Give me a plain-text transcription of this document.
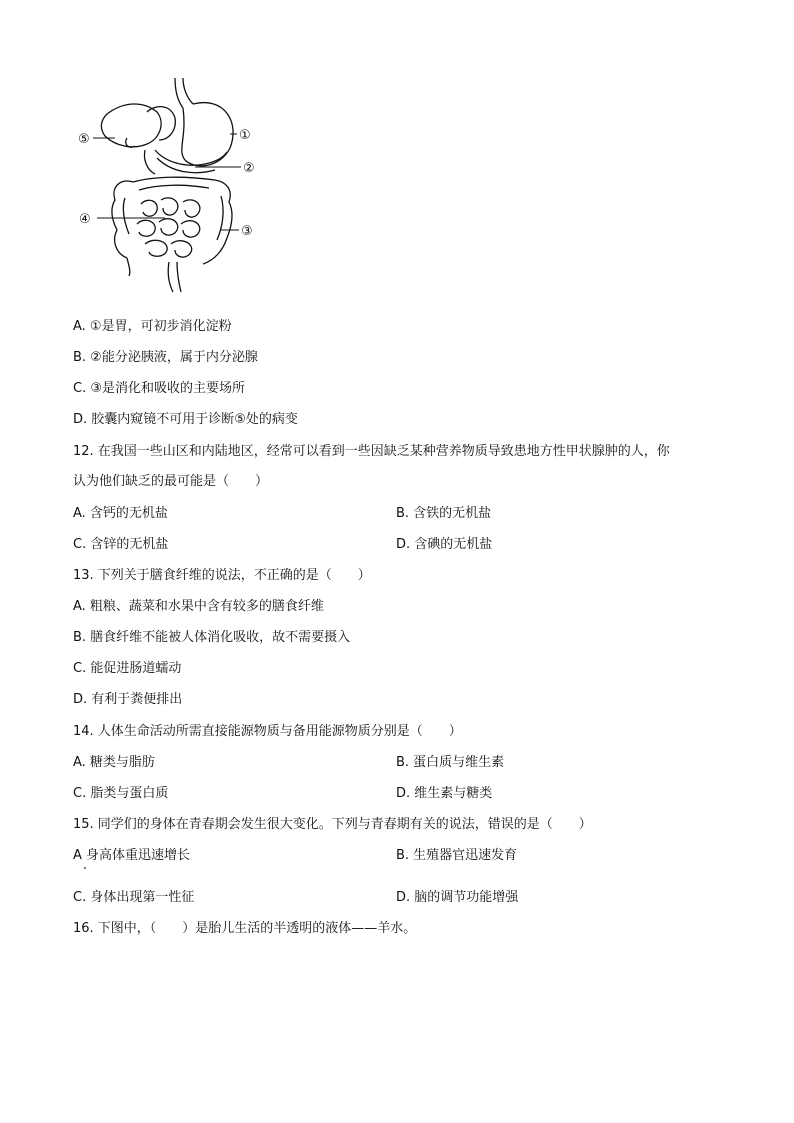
①
②
③
④
⑤
A. ①是胃，可初步消化淀粉
B. ②能分泌胰液，属于内分泌腺
C. ③是消化和吸收的主要场所
D. 胶囊内窥镜不可用于诊断⑤处的病变
12. 在我国一些山区和内陆地区，经常可以看到一些因缺乏某种营养物质导致患地方性甲状腺肿的人，你
认为他们缺乏的最可能是（　　）
A. 含钙的无机盐	B. 含铁的无机盐
C. 含锌的无机盐	D. 含碘的无机盐
13. 下列关于膳食纤维的说法，不正确的是（　　）
A. 粗粮、蔬菜和水果中含有较多的膳食纤维
B. 膳食纤维不能被人体消化吸收，故不需要摄入
C. 能促进肠道蠕动
D. 有利于粪便排出
14. 人体生命活动所需直接能源物质与备用能源物质分别是（　　）
A. 糖类与脂肪	B. 蛋白质与维生素
C. 脂类与蛋白质	D. 维生素与糖类
15. 同学们的身体在青春期会发生很大变化。下列与青春期有关的说法，错误的是（　　）
A 身高体重迅速增长	B. 生殖器官迅速发育
C. 身体出现第一性征	D. 脑的调节功能增强
16. 下图中，（　　）是胎儿生活的半透明的液体——羊水。
